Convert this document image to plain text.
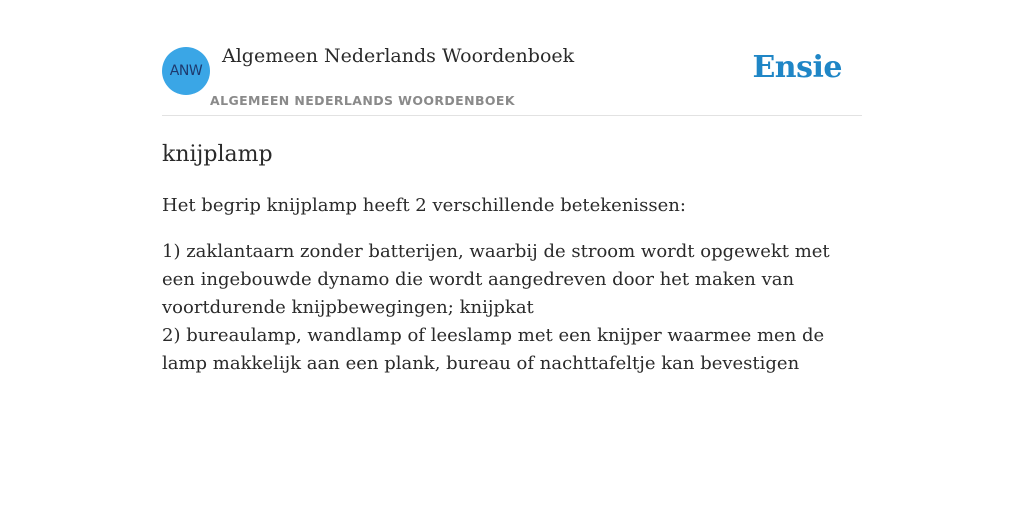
ANW
Algemeen Nederlands Woordenboek
ALGEMEEN NEDERLANDS WOORDENBOEK
Ensie
knijplamp
Het begrip knijplamp heeft 2 verschillende betekenissen:
1) zaklantaarn zonder batterijen, waarbij de stroom wordt opgewekt met een ingebouwde dynamo die wordt aangedreven door het maken van voortdurende knijpbewegingen; knijpkat
2) bureaulamp, wandlamp of leeslamp met een knijper waarmee men de lamp makkelijk aan een plank, bureau of nachttafeltje kan bevestigen
